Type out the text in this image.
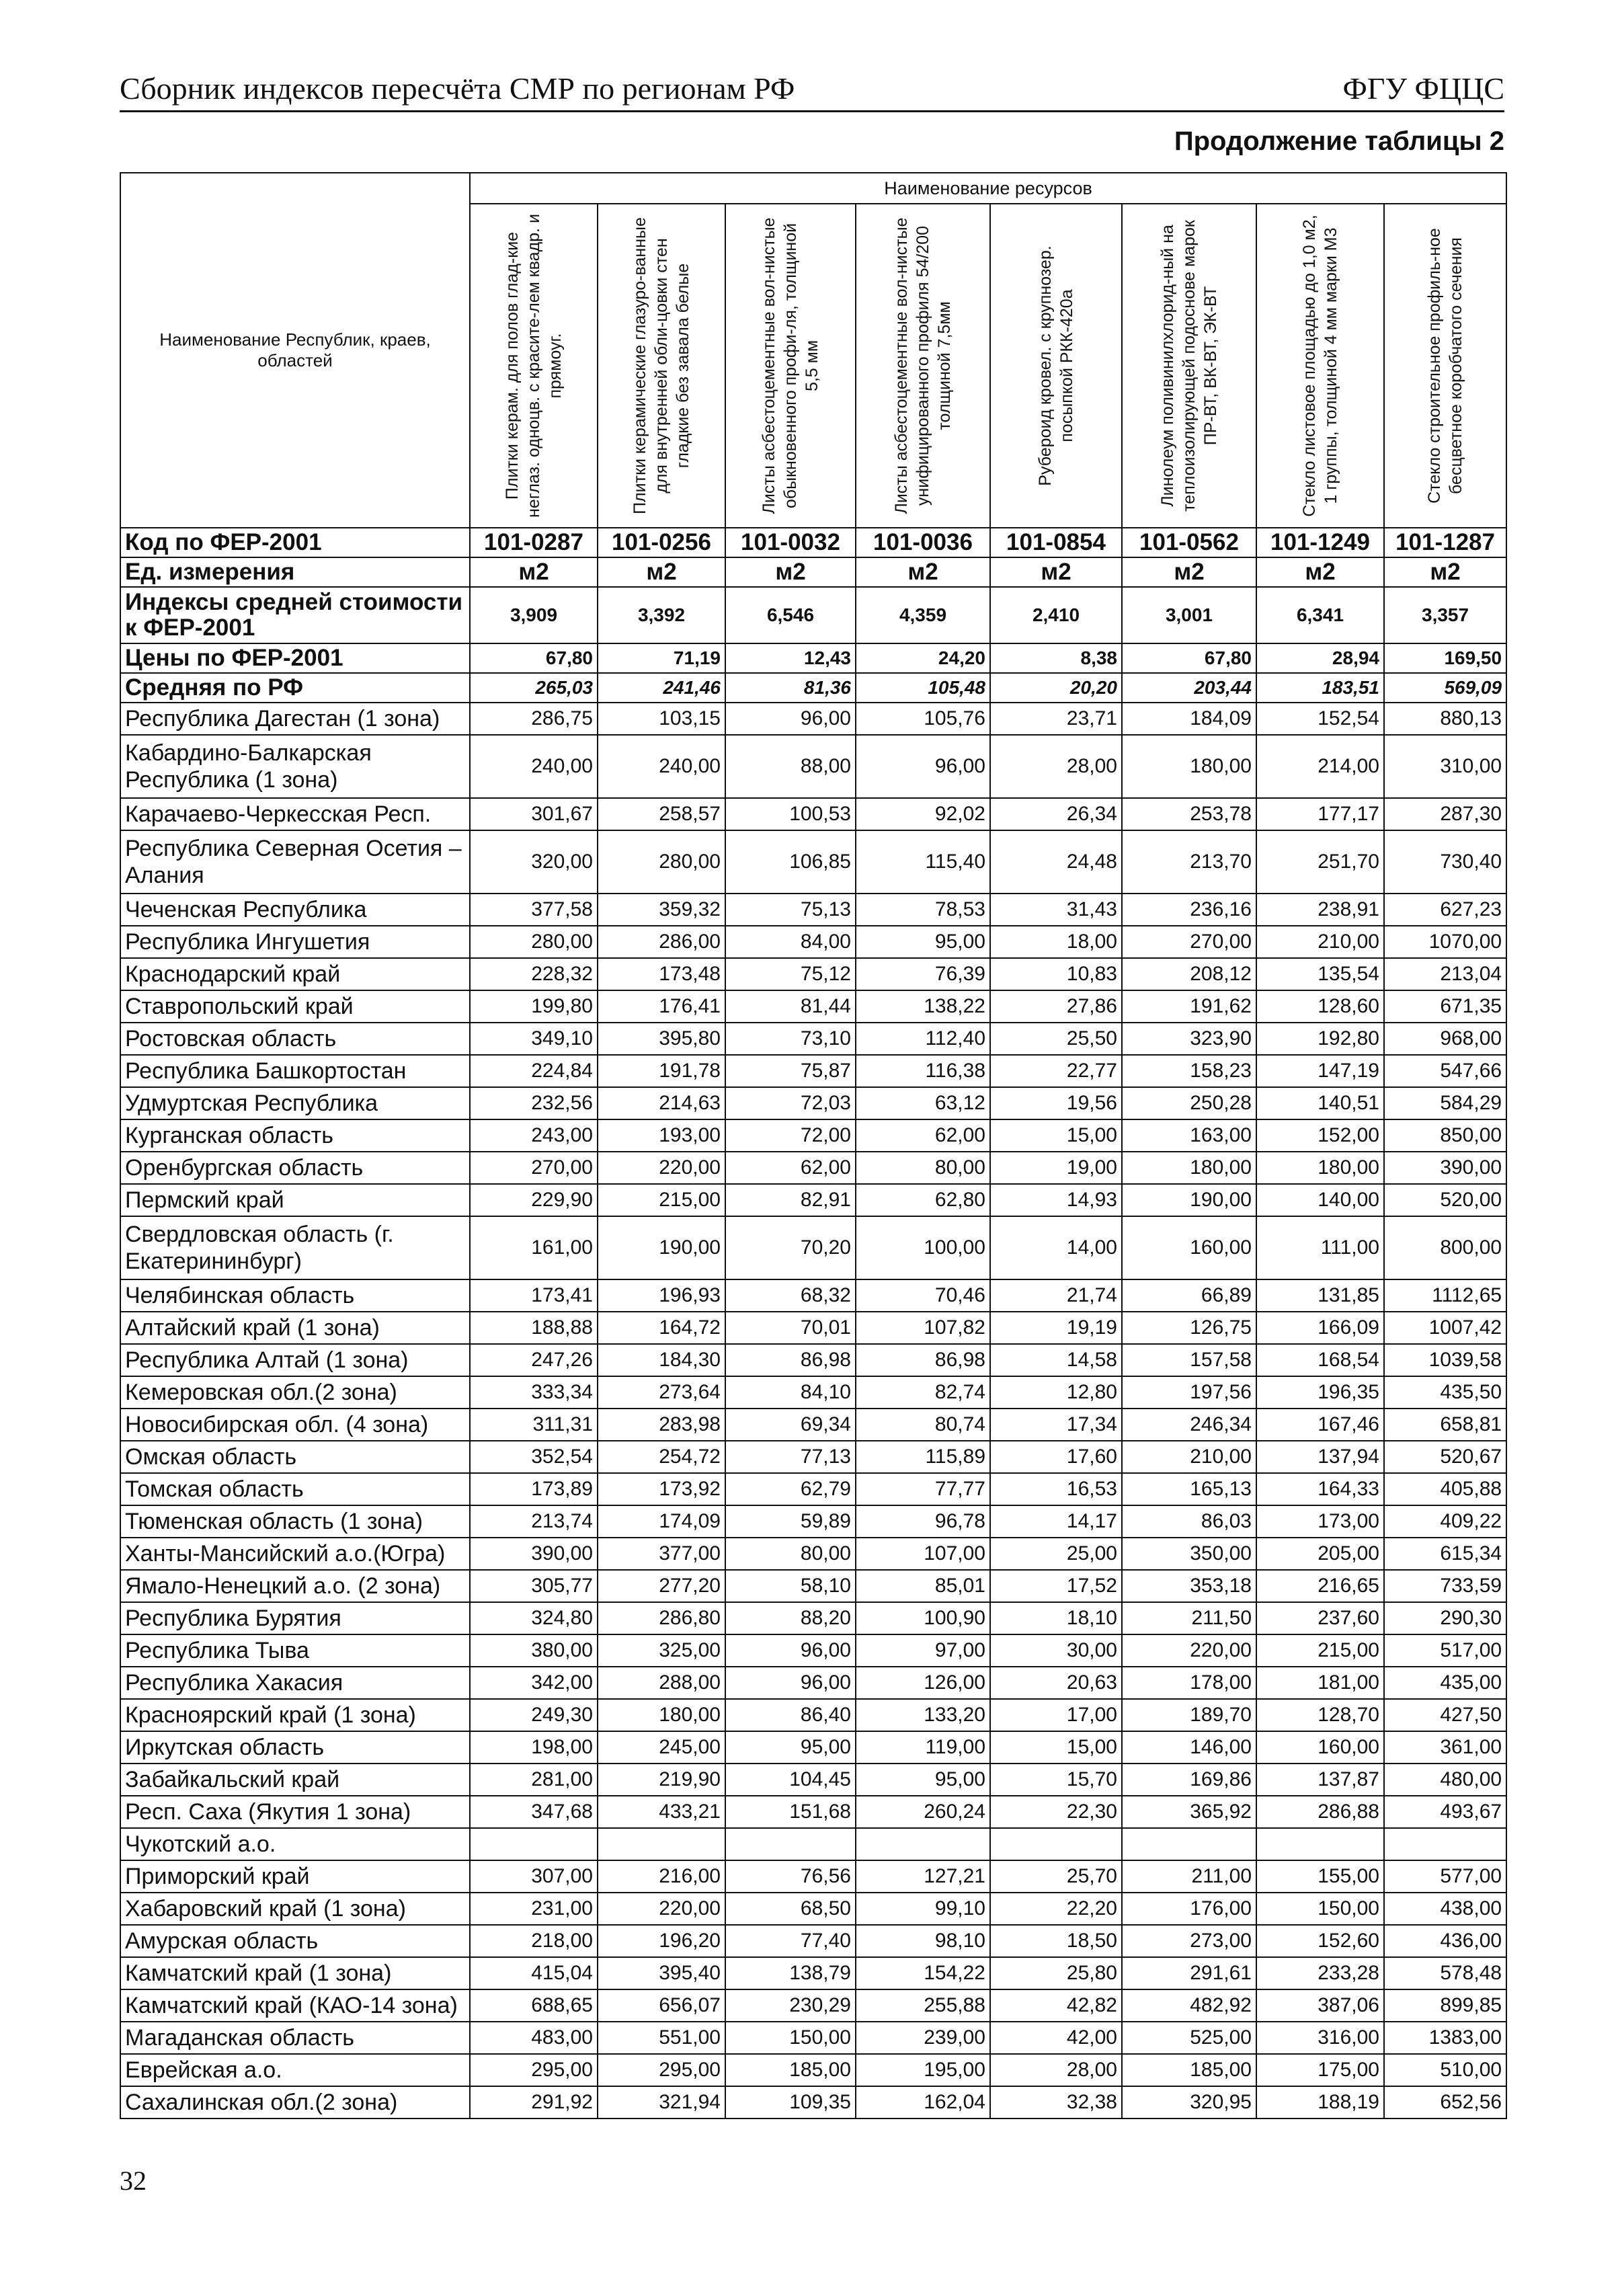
Сборник индексов пересчёта СМР по регионам РФ	ФГУ ФЦЦС
Продолжение таблицы 2
Наименование Республик, краев, областей	Наименование ресурсов							

	Плитки керам. для полов глад-кие неглаз. одноцв. с красите-лем квадр. и прямоуг.	Плитки керамические глазуро-ванные для внутренней обли-цовки стен гладкие без завала белые	Листы асбестоцементные вол-нистые обыкновенного профи-ля, толщиной 5,5 мм	Листы асбестоцементные вол-нистые унифицированного профиля 54/200 толщиной 7,5мм	Рубероид кровел. с крупнозер. посыпкой РКК-420а	Линолеум поливинилхлорид-ный на теплоизолирующей подоснове марок ПР-ВТ, ВК-ВТ, ЭК-ВТ	Стекло листовое площадью до 1,0 м2, 1 группы, толщиной 4 мм марки М3	Стекло строительное профиль-ное бесцветное коробчатого сечения

Код по ФЕР-2001	101-0287	101-0256	101-0032	101-0036	101-0854	101-0562	101-1249	101-1287
Ед. измерения	м2	м2	м2	м2	м2	м2	м2	м2
Индексы средней стоимости к ФЕР-2001	3,909	3,392	6,546	4,359	2,410	3,001	6,341	3,357
Цены по ФЕР-2001	67,80	71,19	12,43	24,20	8,38	67,80	28,94	169,50
Средняя по РФ	265,03	241,46	81,36	105,48	20,20	203,44	183,51	569,09
Республика Дагестан (1 зона)	286,75	103,15	96,00	105,76	23,71	184,09	152,54	880,13
Кабардино-Балкарская Республика (1 зона)	240,00	240,00	88,00	96,00	28,00	180,00	214,00	310,00
Карачаево-Черкесская Респ.	301,67	258,57	100,53	92,02	26,34	253,78	177,17	287,30
Республика Северная Осетия – Алания	320,00	280,00	106,85	115,40	24,48	213,70	251,70	730,40
Чеченская Республика	377,58	359,32	75,13	78,53	31,43	236,16	238,91	627,23
Республика Ингушетия	280,00	286,00	84,00	95,00	18,00	270,00	210,00	1070,00
Краснодарский край	228,32	173,48	75,12	76,39	10,83	208,12	135,54	213,04
Ставропольский край	199,80	176,41	81,44	138,22	27,86	191,62	128,60	671,35
Ростовская область	349,10	395,80	73,10	112,40	25,50	323,90	192,80	968,00
Республика Башкортостан	224,84	191,78	75,87	116,38	22,77	158,23	147,19	547,66
Удмуртская Республика	232,56	214,63	72,03	63,12	19,56	250,28	140,51	584,29
Курганская область	243,00	193,00	72,00	62,00	15,00	163,00	152,00	850,00
Оренбургская область	270,00	220,00	62,00	80,00	19,00	180,00	180,00	390,00
Пермский край	229,90	215,00	82,91	62,80	14,93	190,00	140,00	520,00
Свердловская область (г. Екатерининбург)	161,00	190,00	70,20	100,00	14,00	160,00	111,00	800,00
Челябинская область	173,41	196,93	68,32	70,46	21,74	66,89	131,85	1112,65
Алтайский край (1 зона)	188,88	164,72	70,01	107,82	19,19	126,75	166,09	1007,42
Республика Алтай (1 зона)	247,26	184,30	86,98	86,98	14,58	157,58	168,54	1039,58
Кемеровская обл.(2 зона)	333,34	273,64	84,10	82,74	12,80	197,56	196,35	435,50
Новосибирская обл. (4 зона)	311,31	283,98	69,34	80,74	17,34	246,34	167,46	658,81
Омская область	352,54	254,72	77,13	115,89	17,60	210,00	137,94	520,67
Томская область	173,89	173,92	62,79	77,77	16,53	165,13	164,33	405,88
Тюменская область (1 зона)	213,74	174,09	59,89	96,78	14,17	86,03	173,00	409,22
Ханты-Мансийский а.о.(Югра)	390,00	377,00	80,00	107,00	25,00	350,00	205,00	615,34
Ямало-Ненецкий а.о. (2 зона)	305,77	277,20	58,10	85,01	17,52	353,18	216,65	733,59
Республика Бурятия	324,80	286,80	88,20	100,90	18,10	211,50	237,60	290,30
Республика Тыва	380,00	325,00	96,00	97,00	30,00	220,00	215,00	517,00
Республика Хакасия	342,00	288,00	96,00	126,00	20,63	178,00	181,00	435,00
Красноярский край (1 зона)	249,30	180,00	86,40	133,20	17,00	189,70	128,70	427,50
Иркутская область	198,00	245,00	95,00	119,00	15,00	146,00	160,00	361,00
Забайкальский край	281,00	219,90	104,45	95,00	15,70	169,86	137,87	480,00
Респ. Саха (Якутия 1 зона)	347,68	433,21	151,68	260,24	22,30	365,92	286,88	493,67
Чукотский а.о.								
Приморский край	307,00	216,00	76,56	127,21	25,70	211,00	155,00	577,00
Хабаровский край (1 зона)	231,00	220,00	68,50	99,10	22,20	176,00	150,00	438,00
Амурская область	218,00	196,20	77,40	98,10	18,50	273,00	152,60	436,00
Камчатский край (1 зона)	415,04	395,40	138,79	154,22	25,80	291,61	233,28	578,48
Камчатский край (КАО-14 зона)	688,65	656,07	230,29	255,88	42,82	482,92	387,06	899,85
Магаданская область	483,00	551,00	150,00	239,00	42,00	525,00	316,00	1383,00
Еврейская а.о.	295,00	295,00	185,00	195,00	28,00	185,00	175,00	510,00
Сахалинская обл.(2 зона)	291,92	321,94	109,35	162,04	32,38	320,95	188,19	652,56
32
